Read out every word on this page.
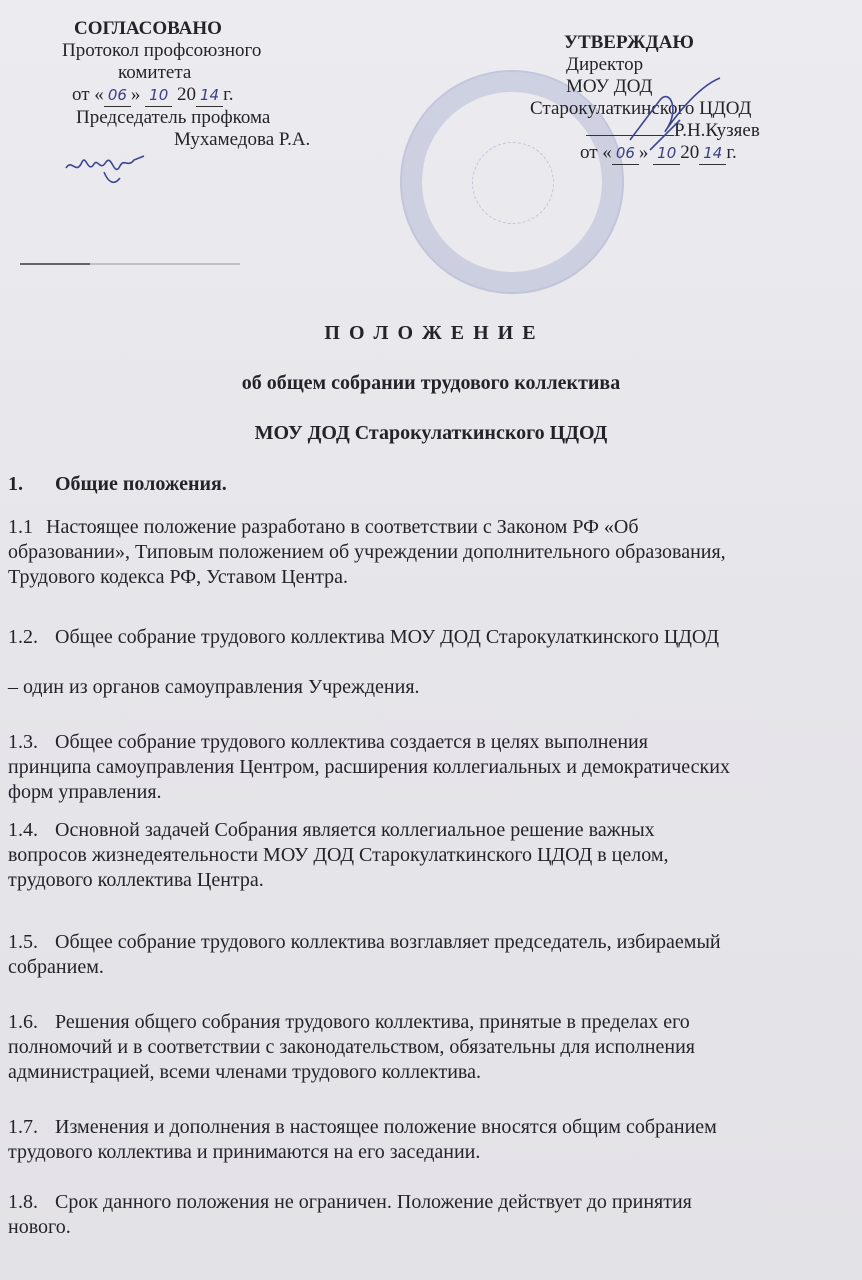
СОГЛАСОВАНО
Протокол профсоюзного
комитета
от « 06 » 10 20 14 г.
Председатель профкома
Мухамедова Р.А.
УТВЕРЖДАЮ
Директор
МОУ ДОД
Старокулаткинского ЦДОД
Р.Н.Кузяев
от « 06 » 10 20 14 г.
П О Л О Ж Е Н И Е
об общем собрании трудового коллектива
МОУ ДОД Старокулаткинского ЦДОД
1. Общие положения.
1.1 Настоящее положение разработано в соответствии с Законом РФ «Об
образовании», Типовым положением об учреждении дополнительного образования,
Трудового кодекса РФ, Уставом Центра.
1.2. Общее собрание трудового коллектива МОУ ДОД Старокулаткинского ЦДОД
– один из органов самоуправления Учреждения.
1.3. Общее собрание трудового коллектива создается в целях выполнения
принципа самоуправления Центром, расширения коллегиальных и демократических
форм управления.
1.4. Основной задачей Собрания является коллегиальное решение важных
вопросов жизнедеятельности МОУ ДОД Старокулаткинского ЦДОД в целом,
трудового коллектива Центра.
1.5. Общее собрание трудового коллектива возглавляет председатель, избираемый
собранием.
1.6. Решения общего собрания трудового коллектива, принятые в пределах его
полномочий и в соответствии с законодательством, обязательны для исполнения
администрацией, всеми членами трудового коллектива.
1.7. Изменения и дополнения в настоящее положение вносятся общим собранием
трудового коллектива и принимаются на его заседании.
1.8. Срок данного положения не ограничен. Положение действует до принятия
нового.
